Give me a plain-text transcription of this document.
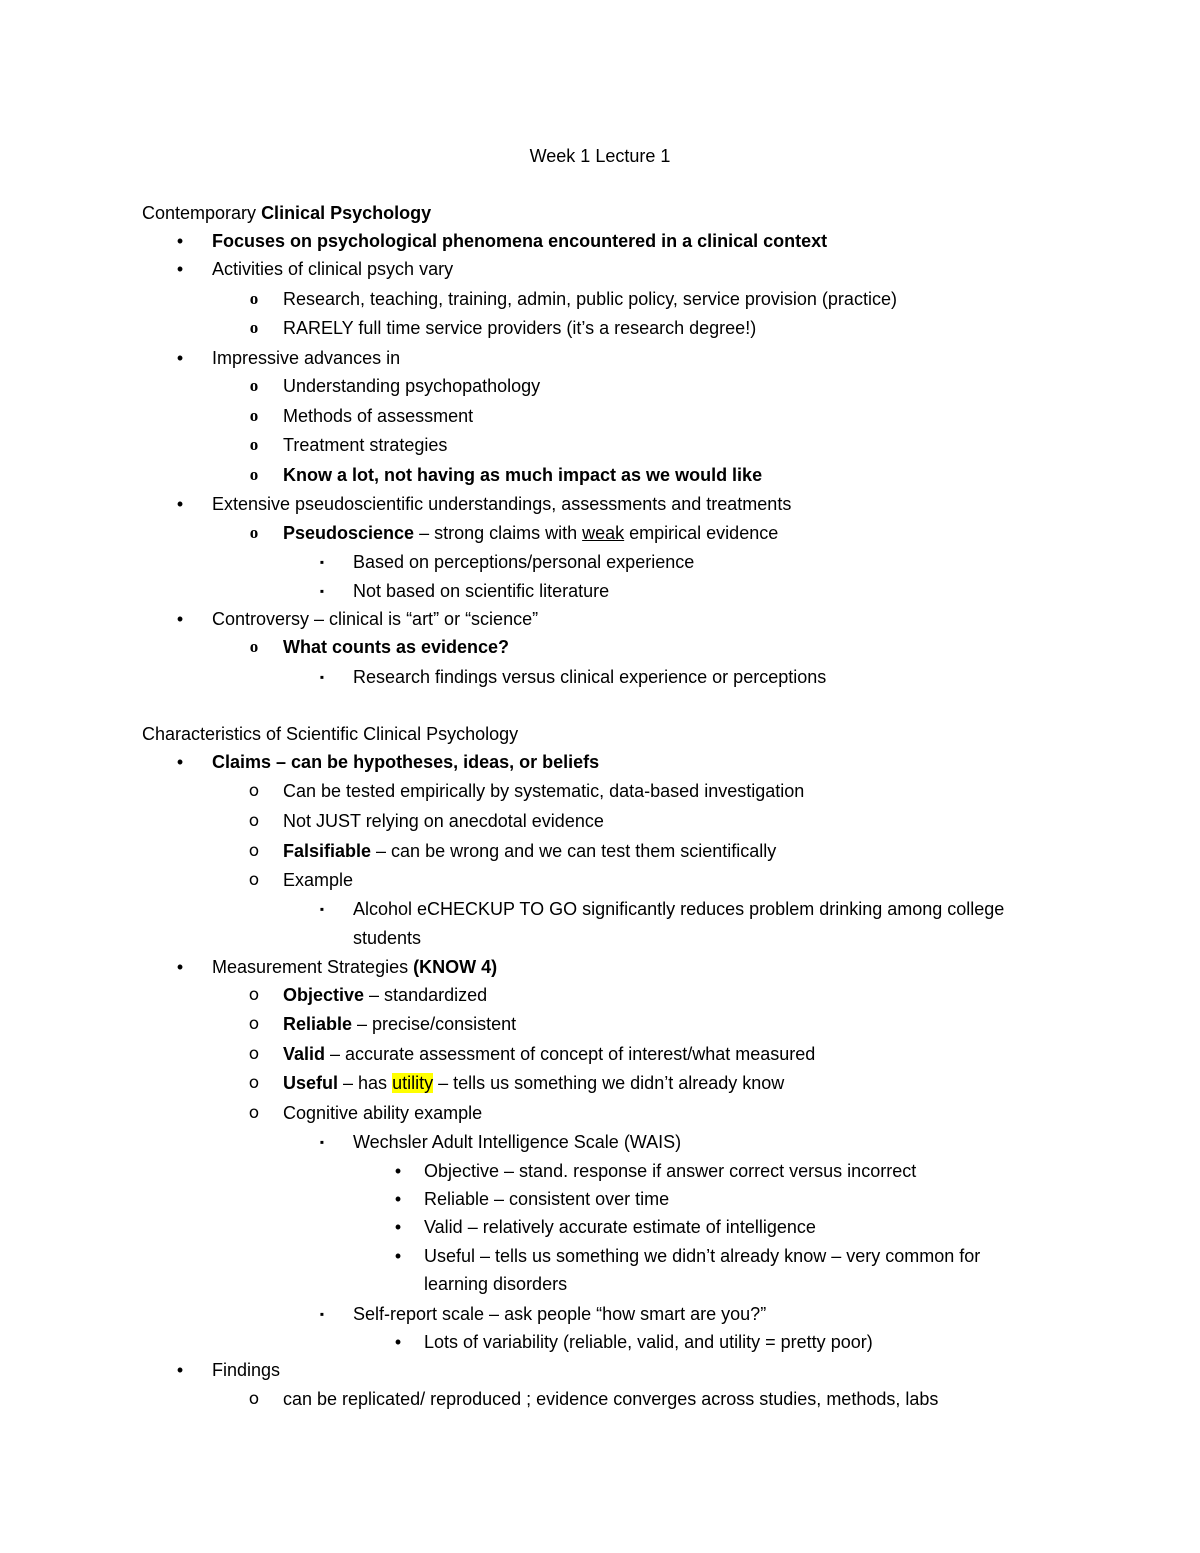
Week 1 Lecture 1
Contemporary Clinical Psychology
•	Focuses on psychological phenomena encountered in a clinical context
•	Activities of clinical psych vary
o	Research, teaching, training, admin, public policy, service provision (practice)
o	RARELY full time service providers (it’s a research degree!)
•	Impressive advances in
o	Understanding psychopathology
o	Methods of assessment
o	Treatment strategies
o	Know a lot, not having as much impact as we would like
•	Extensive pseudoscientific understandings, assessments and treatments
o	Pseudoscience – strong claims with weak empirical evidence
▪	Based on perceptions/personal experience
▪	Not based on scientific literature
•	Controversy – clinical is “art” or “science”
o	What counts as evidence?
▪	Research findings versus clinical experience or perceptions
Characteristics of Scientific Clinical Psychology
•	Claims – can be hypotheses, ideas, or beliefs
o Can be tested empirically by systematic, data-based investigation
o Not JUST relying on anecdotal evidence
o Falsifiable – can be wrong and we can test them scientifically
o Example
▪	Alcohol eCHECKUP TO GO significantly reduces problem drinking among college
students
•	Measurement Strategies (KNOW 4)
o Objective – standardized
o Reliable – precise/consistent
o Valid – accurate assessment of concept of interest/what measured
o Useful – has utility – tells us something we didn’t already know
o Cognitive ability example
▪	Wechsler Adult Intelligence Scale (WAIS)
•	Objective – stand. response if answer correct versus incorrect
•	Reliable – consistent over time
•	Valid – relatively accurate estimate of intelligence
•	Useful – tells us something we didn’t already know – very common for
learning disorders
▪	Self-report scale – ask people “how smart are you?”
•	Lots of variability (reliable, valid, and utility = pretty poor)
•	Findings
o can be replicated/ reproduced ; evidence converges across studies, methods, labs
